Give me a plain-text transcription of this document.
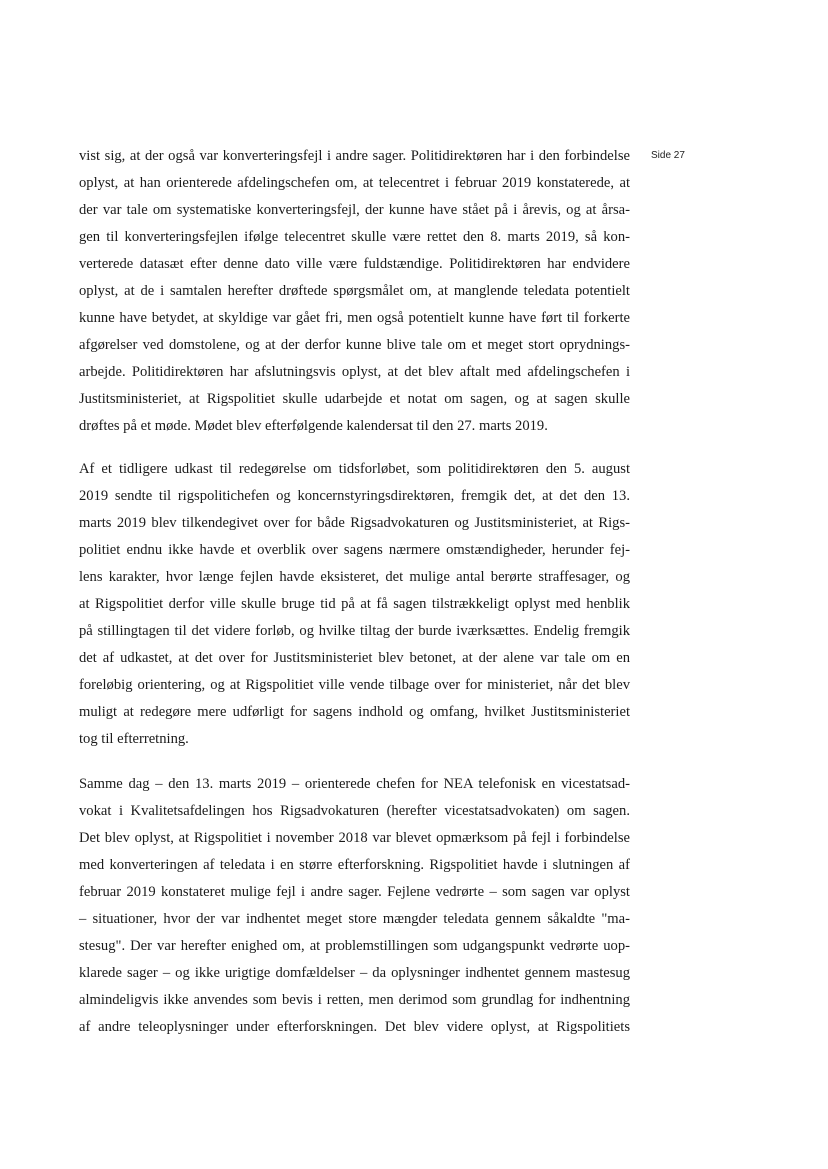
Side 27
vist sig, at der også var konverteringsfejl i andre sager. Politidirektøren har i den forbindelse
oplyst, at han orienterede afdelingschefen om, at telecentret i februar 2019 konstaterede, at
der var tale om systematiske konverteringsfejl, der kunne have stået på i årevis, og at årsa-
gen til konverteringsfejlen ifølge telecentret skulle være rettet den 8. marts 2019, så kon-
verterede datasæt efter denne dato ville være fuldstændige. Politidirektøren har endvidere
oplyst, at de i samtalen herefter drøftede spørgsmålet om, at manglende teledata potentielt
kunne have betydet, at skyldige var gået fri, men også potentielt kunne have ført til forkerte
afgørelser ved domstolene, og at der derfor kunne blive tale om et meget stort oprydnings-
arbejde. Politidirektøren har afslutningsvis oplyst, at det blev aftalt med afdelingschefen i
Justitsministeriet, at Rigspolitiet skulle udarbejde et notat om sagen, og at sagen skulle
drøftes på et møde. Mødet blev efterfølgende kalendersat til den 27. marts 2019.
Af et tidligere udkast til redegørelse om tidsforløbet, som politidirektøren den 5. august
2019 sendte til rigspolitichefen og koncernstyringsdirektøren, fremgik det, at det den 13.
marts 2019 blev tilkendegivet over for både Rigsadvokaturen og Justitsministeriet, at Rigs-
politiet endnu ikke havde et overblik over sagens nærmere omstændigheder, herunder fej-
lens karakter, hvor længe fejlen havde eksisteret, det mulige antal berørte straffesager, og
at Rigspolitiet derfor ville skulle bruge tid på at få sagen tilstrækkeligt oplyst med henblik
på stillingtagen til det videre forløb, og hvilke tiltag der burde iværksættes. Endelig fremgik
det af udkastet, at det over for Justitsministeriet blev betonet, at der alene var tale om en
foreløbig orientering, og at Rigspolitiet ville vende tilbage over for ministeriet, når det blev
muligt at redegøre mere udførligt for sagens indhold og omfang, hvilket Justitsministeriet
tog til efterretning.
Samme dag – den 13. marts 2019 – orienterede chefen for NEA telefonisk en vicestatsad-
vokat i Kvalitetsafdelingen hos Rigsadvokaturen (herefter vicestatsadvokaten) om sagen.
Det blev oplyst, at Rigspolitiet i november 2018 var blevet opmærksom på fejl i forbindelse
med konverteringen af teledata i en større efterforskning. Rigspolitiet havde i slutningen af
februar 2019 konstateret mulige fejl i andre sager. Fejlene vedrørte – som sagen var oplyst
– situationer, hvor der var indhentet meget store mængder teledata gennem såkaldte "ma-
stesug". Der var herefter enighed om, at problemstillingen som udgangspunkt vedrørte uop-
klarede sager – og ikke urigtige domfældelser – da oplysninger indhentet gennem mastesug
almindeligvis ikke anvendes som bevis i retten, men derimod som grundlag for indhentning
af andre teleoplysninger under efterforskningen. Det blev videre oplyst, at Rigspolitiets
